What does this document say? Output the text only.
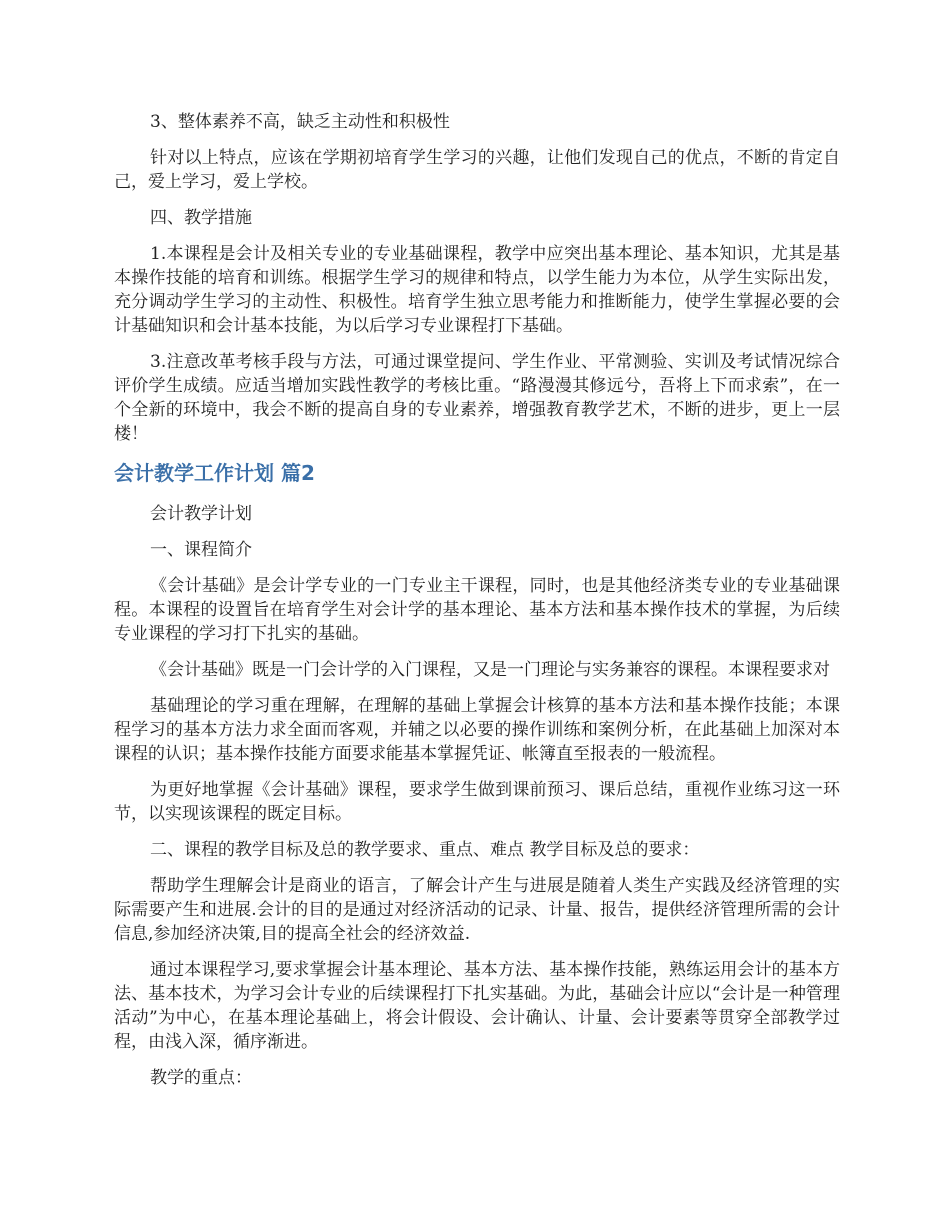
3、整体素养不高，缺乏主动性和积极性

针对以上特点，应该在学期初培育学生学习的兴趣，让他们发现自己的优点，不断的肯定自己，爱上学习，爱上学校。

四、教学措施

1.本课程是会计及相关专业的专业基础课程，教学中应突出基本理论、基本知识，尤其是基本操作技能的培育和训练。根据学生学习的规律和特点，以学生能力为本位，从学生实际出发，充分调动学生学习的主动性、积极性。培育学生独立思考能力和推断能力，使学生掌握必要的会计基础知识和会计基本技能，为以后学习专业课程打下基础。

3.注意改革考核手段与方法，可通过课堂提问、学生作业、平常测验、实训及考试情况综合评价学生成绩。应适当增加实践性教学的考核比重。“路漫漫其修远兮，吾将上下而求索”，在一个全新的环境中，我会不断的提高自身的专业素养，增强教育教学艺术，不断的进步，更上一层楼！

会计教学工作计划 篇2

会计教学计划

一、课程简介

《会计基础》是会计学专业的一门专业主干课程，同时，也是其他经济类专业的专业基础课程。本课程的设置旨在培育学生对会计学的基本理论、基本方法和基本操作技术的掌握，为后续专业课程的学习打下扎实的基础。

《会计基础》既是一门会计学的入门课程，又是一门理论与实务兼容的课程。本课程要求对

基础理论的学习重在理解，在理解的基础上掌握会计核算的基本方法和基本操作技能；本课程学习的基本方法力求全面而客观，并辅之以必要的操作训练和案例分析，在此基础上加深对本课程的认识；基本操作技能方面要求能基本掌握凭证、帐簿直至报表的一般流程。

为更好地掌握《会计基础》课程，要求学生做到课前预习、课后总结，重视作业练习这一环节，以实现该课程的既定目标。

二、课程的教学目标及总的教学要求、重点、难点 教学目标及总的要求：

帮助学生理解会计是商业的语言，了解会计产生与进展是随着人类生产实践及经济管理的实际需要产生和进展.会计的目的是通过对经济活动的记录、计量、报告，提供经济管理所需的会计信息,参加经济决策,目的提高全社会的经济效益.

通过本课程学习,要求掌握会计基本理论、基本方法、基本操作技能，熟练运用会计的基本方法、基本技术，为学习会计专业的后续课程打下扎实基础。为此，基础会计应以“会计是一种管理活动”为中心，在基本理论基础上，将会计假设、会计确认、计量、会计要素等贯穿全部教学过程，由浅入深，循序渐进。

教学的重点：
